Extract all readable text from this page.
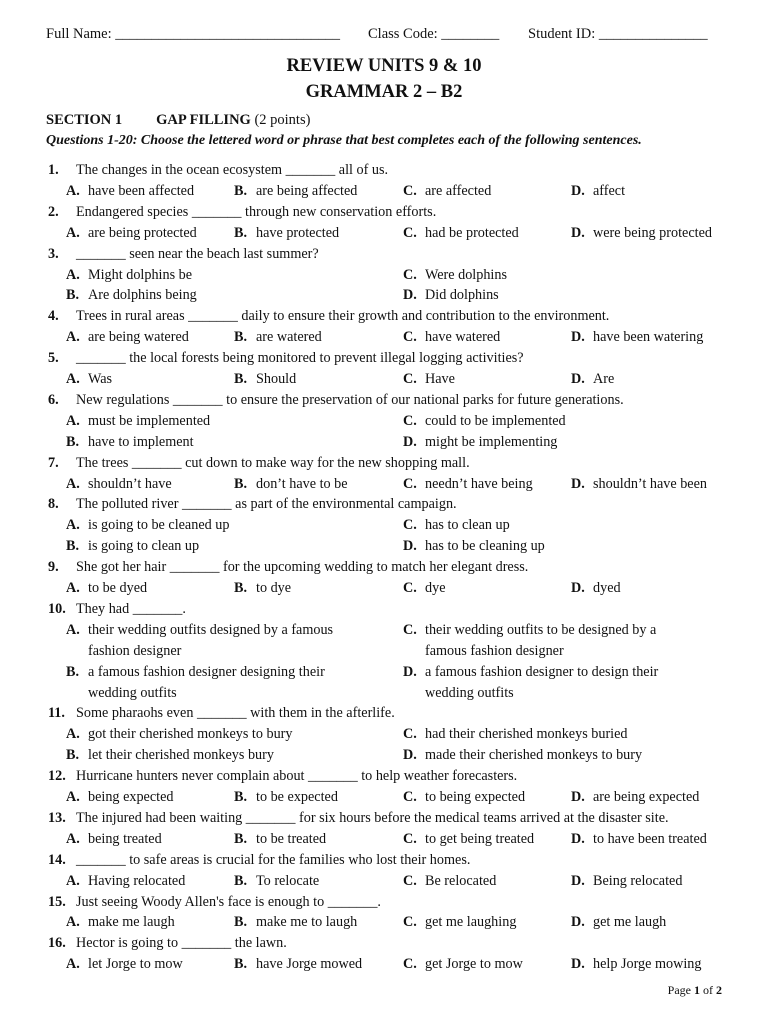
Full Name: _______________________________ Class Code: ________ Student ID: _______________
REVIEW UNITS 9 & 10
GRAMMAR 2 – B2
SECTION 1 GAP FILLING (2 points)
Questions 1-20: Choose the lettered word or phrase that best completes each of the following sentences.
1. The changes in the ocean ecosystem _______ all of us.
A. have been affected	B. are being affected	C. are affected	D. affect
2. Endangered species _______ through new conservation efforts.
A. are being protected	B. have protected	C. had be protected	D. were being protected
3. _______ seen near the beach last summer?
A. Might dolphins be	C. Were dolphins
B. Are dolphins being	D. Did dolphins
4. Trees in rural areas _______ daily to ensure their growth and contribution to the environment.
A. are being watered	B. are watered	C. have watered	D. have been watering
5. _______ the local forests being monitored to prevent illegal logging activities?
A. Was	B. Should	C. Have	D. Are
6. New regulations _______ to ensure the preservation of our national parks for future generations.
A. must be implemented	C. could to be implemented
B. have to implement	D. might be implementing
7. The trees _______ cut down to make way for the new shopping mall.
A. shouldn’t have	B. don’t have to be	C. needn’t have being	D. shouldn’t have been
8. The polluted river _______ as part of the environmental campaign.
A. is going to be cleaned up	C. has to clean up
B. is going to clean up	D. has to be cleaning up
9. She got her hair _______ for the upcoming wedding to match her elegant dress.
A. to be dyed	B. to dye	C. dye	D. dyed
10. They had _______.
A. their wedding outfits designed by a famous	C. their wedding outfits to be designed by a
fashion designer	famous fashion designer
B. a famous fashion designer designing their	D. a famous fashion designer to design their
wedding outfits	wedding outfits
11. Some pharaohs even _______ with them in the afterlife.
A. got their cherished monkeys to bury	C. had their cherished monkeys buried
B. let their cherished monkeys bury	D. made their cherished monkeys to bury
12. Hurricane hunters never complain about _______ to help weather forecasters.
A. being expected	B. to be expected	C. to being expected	D. are being expected
13. The injured had been waiting _______ for six hours before the medical teams arrived at the disaster site.
A. being treated	B. to be treated	C. to get being treated	D. to have been treated
14. _______ to safe areas is crucial for the families who lost their homes.
A. Having relocated	B. To relocate	C. Be relocated	D. Being relocated
15. Just seeing Woody Allen's face is enough to _______.
A. make me laugh	B. make me to laugh	C. get me laughing	D. get me laugh
16. Hector is going to _______ the lawn.
A. let Jorge to mow	B. have Jorge mowed	C. get Jorge to mow	D. help Jorge mowing
Page 1 of 2
